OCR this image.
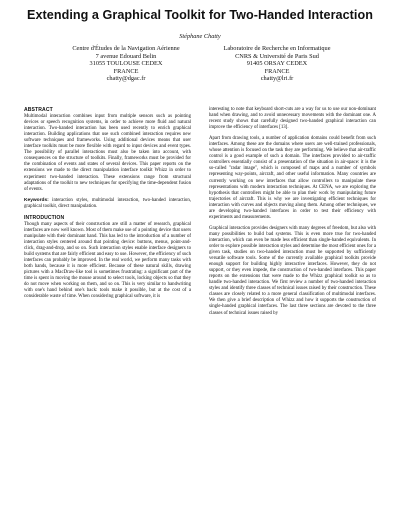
Extending a Graphical Toolkit for Two-Handed Interaction
Stéphane Chatty
Centre d'Études de la Navigation Aérienne
7 avenue Edouard Belin
31055 TOULOUSE CEDEX
FRANCE
chatty@dgac.fr
Laboratoire de Recherche en Informatique
CNRS & Université de Paris Sud
91405 ORSAY CEDEX
FRANCE
chatty@lri.fr
ABSTRACT

Multimodal interaction combines input from multiple sensors such as pointing devices or speech recognition systems, in order to achieve more fluid and natural interaction. Two-handed interaction has been used recently to enrich graphical interaction. Building applications that use such combined interaction requires new software techniques and frameworks. Using additional devices means that user interface toolkits must be more flexible with regard to input devices and event types. The possibility of parallel interactions must also be taken into account, with consequences on the structure of toolkits. Finally, frameworks must be provided for the combination of events and states of several devices. This paper reports on the extensions we made to the direct manipulation interface toolkit Whizz in order to experiment two-handed interaction. These extensions range from structural adaptations of the toolkit to new techniques for specifying the time-dependent fusion of events.

Keywords: interaction styles, multimodal interaction, two-handed interaction, graphical toolkit, direct manipulation.

INTRODUCTION

Though many aspects of their construction are still a matter of research, graphical interfaces are now well known. Most of them make use of a pointing device that users manipulate with their dominant hand. This has led to the introduction of a number of interaction styles centered around that pointing device: buttons, menus, point-and-click, drag-and-drop, and so on. Such interaction styles enable interface designers to build systems that are fairly efficient and easy to use. However, the efficiency of such interfaces can probably be improved. In the real world, we perform many tasks with both hands, because it is more efficient. Because of these natural skills, drawing pictures with a MacDraw-like tool is sometimes frustrating: a significant part of the time is spent in moving the mouse around to select tools, locking objects so that they do not move when working on them, and so on. This is very similar to handwriting with one's hand behind one's back: tools make it possible, but at the cost of a considerable waste of time. When considering graphical software, it is

interesting to note that keyboard short-cuts are a way for us to use our non-dominant hand when drawing, and to avoid unnecessary movements with the dominant one. A recent study shows that carefully designed two-handed graphical interaction can improve the efficiency of interfaces [13].

Apart from drawing tools, a number of application domains could benefit from such interfaces. Among these are the domains where users are well-trained professionals, whose attention is focused on the task they are performing. We believe that air-traffic control is a good example of such a domain. The interfaces provided to air-traffic controllers essentially consist of a presentation of the situation in air-space: it is the so-called "radar image", which is composed of maps and a number of symbols representing way-points, aircraft, and other useful information. Many countries are currently working on new interfaces that allow controllers to manipulate these representations with modern interaction techniques. At CENA, we are exploring the hypothesis that controllers might be able to plan their work by manipulating future trajectories of aircraft. This is why we are investigating efficient techniques for interaction with curves and objects moving along them. Among other techniques, we are developing two-handed interfaces in order to test their efficiency with experiments and measurements.

Graphical interaction provides designers with many degrees of freedom, but also with many possibilities to build bad systems. This is even more true for two-handed interaction, which can even be made less efficient than single-handed equivalents. In order to explore possible interaction styles and determine the most efficient ones for a given task, studies on two-handed interaction must be supported by sufficiently versatile software tools. Some of the currently available graphical toolkits provide enough support for building highly interactive interfaces. However, they do not support, or they even impede, the construction of two-handed interfaces. This paper reports on the extensions that were made to the Whizz graphical toolkit so as to handle two-handed interaction. We first review a number of two-handed interaction styles and identify three classes of technical issues raised by their construction. These classes are closely related to a more general classification of multimodal interfaces. We then give a brief description of Whizz and how it supports the construction of single-handed graphical interfaces. The last three sections are devoted to the three classes of technical issues raised by
